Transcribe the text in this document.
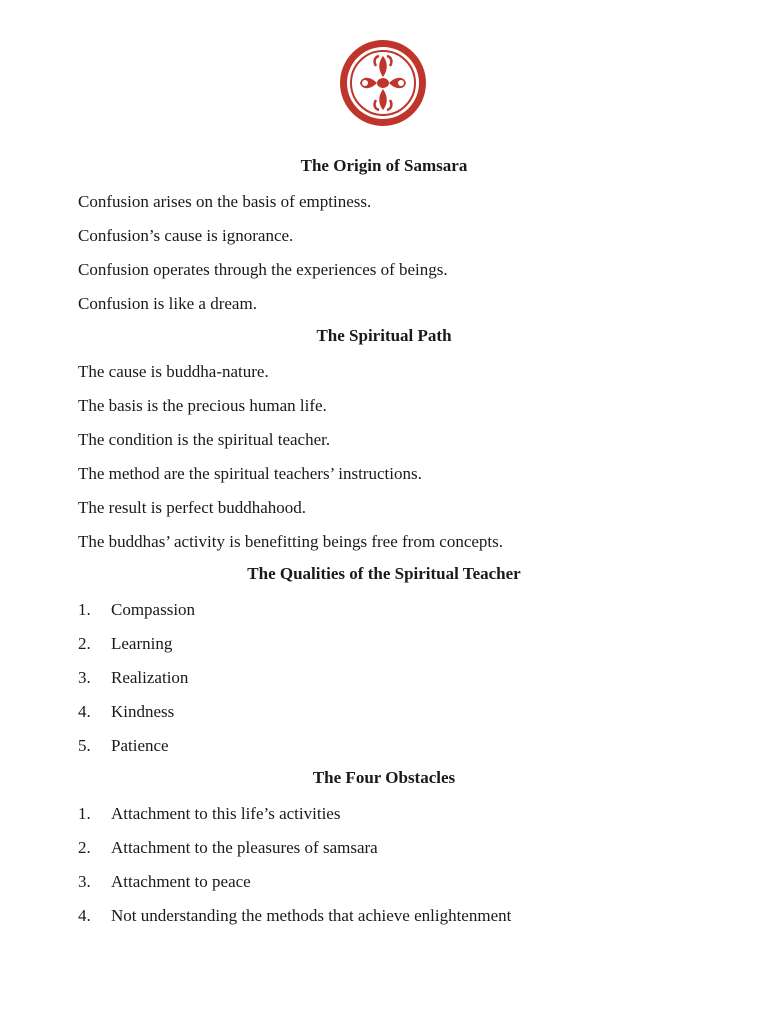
The Origin of Samsara

Confusion arises on the basis of emptiness.

Confusion’s cause is ignorance.

Confusion operates through the experiences of beings.

Confusion is like a dream.

The Spiritual Path

The cause is buddha-nature.

The basis is the precious human life.

The condition is the spiritual teacher.

The method are the spiritual teachers’ instructions.

The result is perfect buddhahood.

The buddhas’ activity is benefitting beings free from concepts.

The Qualities of the Spiritual Teacher

1.	Compassion
2.	Learning
3.	Realization
4.	Kindness
5.	Patience

The Four Obstacles

1.	Attachment to this life’s activities
2.	Attachment to the pleasures of samsara
3.	Attachment to peace
4.	Not understanding the methods that achieve enlightenment
